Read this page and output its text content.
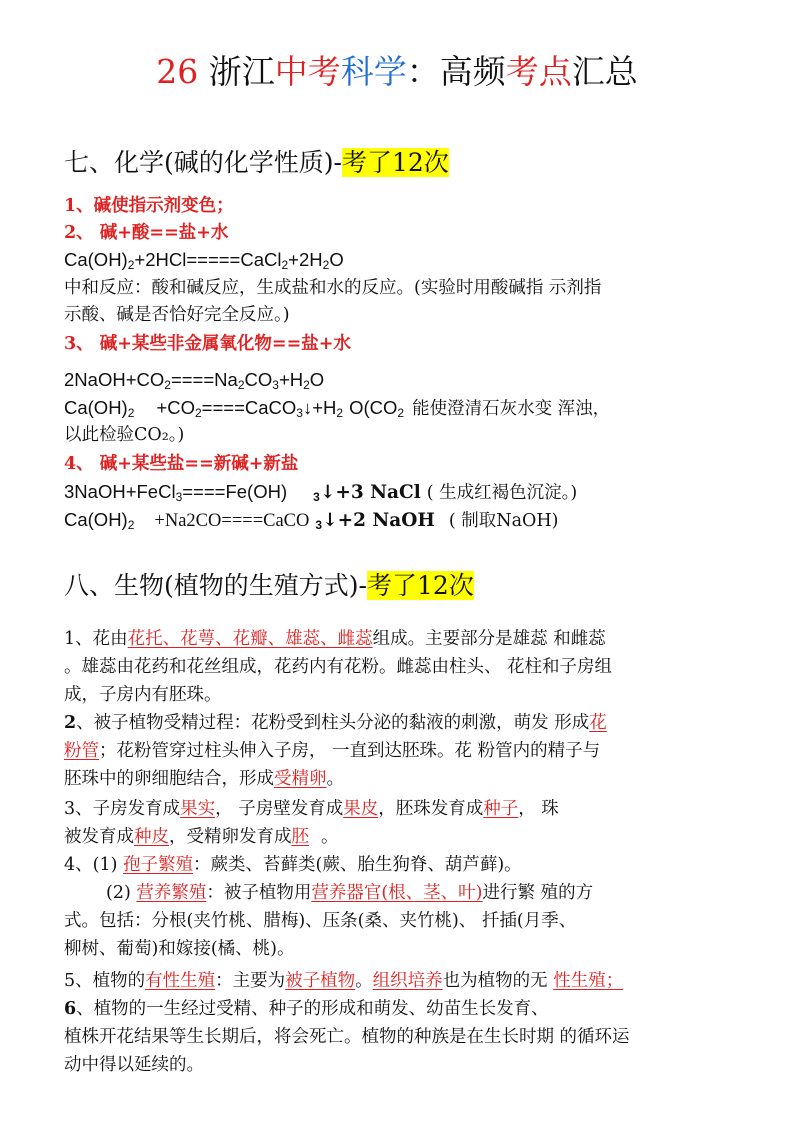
26 浙江中考科学：高频考点汇总
七、化学(碱的化学性质)-考了12次
1、碱使指示剂变色；
2、 碱+酸==盐+水
$Ca(OH)_2+2HCl=====CaCl_2+2H_2O$
中和反应：酸和碱反应，生成盐和水的反应。(实验时用酸碱指 示剂指
示酸、碱是否恰好完全反应。)
3、 碱+某些非金属氧化物==盐+水
$2NaOH+CO_2====Na_2CO_3+H_2O$
$Ca(OH)_2$ $+CO_2====CaCO_3↓+H_2$ $O(CO_2$ 能使澄清石灰水变 浑浊，
以此检验CO₂。)
4、 碱+某些盐==新碱+新盐
3NaOH+FeCl$_3$====Fe(OH) $_3$↓+3 NaCl ( 生成红褐色沉淀。)
$Ca(OH)_2$ +Na2CO====CaCO $_3$↓+2 NaOH ( 制取NaOH)
八、生物(植物的生殖方式)-考了12次
1、花由花托、花萼、花瓣、雄蕊、雌蕊组成。主要部分是雄蕊 和雌蕊
。雄蕊由花药和花丝组成，花药内有花粉。雌蕊由柱头、 花柱和子房组
成，子房内有胚珠。
2、被子植物受精过程：花粉受到柱头分泌的黏液的刺激，萌发 形成花
粉管；花粉管穿过柱头伸入子房， 一直到达胚珠。花 粉管内的精子与
胚珠中的卵细胞结合，形成受精卵。
3、子房发育成果实， 子房壁发育成果皮，胚珠发育成种子， 珠
被发育成种皮，受精卵发育成胚 。
4、(1) 孢子繁殖：蕨类、苔藓类(蕨、胎生狗脊、葫芦藓)。
(2) 营养繁殖：被子植物用营养器官(根、茎、叶)进行繁 殖的方
式。包括：分根(夹竹桃、腊梅)、压条(桑、夹竹桃)、 扦插(月季、
柳树、葡萄)和嫁接(橘、桃)。
5、植物的有性生殖：主要为被子植物。组织培养也为植物的无 性生殖；
6、植物的一生经过受精、种子的形成和萌发、幼苗生长发育、
植株开花结果等生长期后，将会死亡。植物的种族是在生长时期 的循环运
动中得以延续的。
